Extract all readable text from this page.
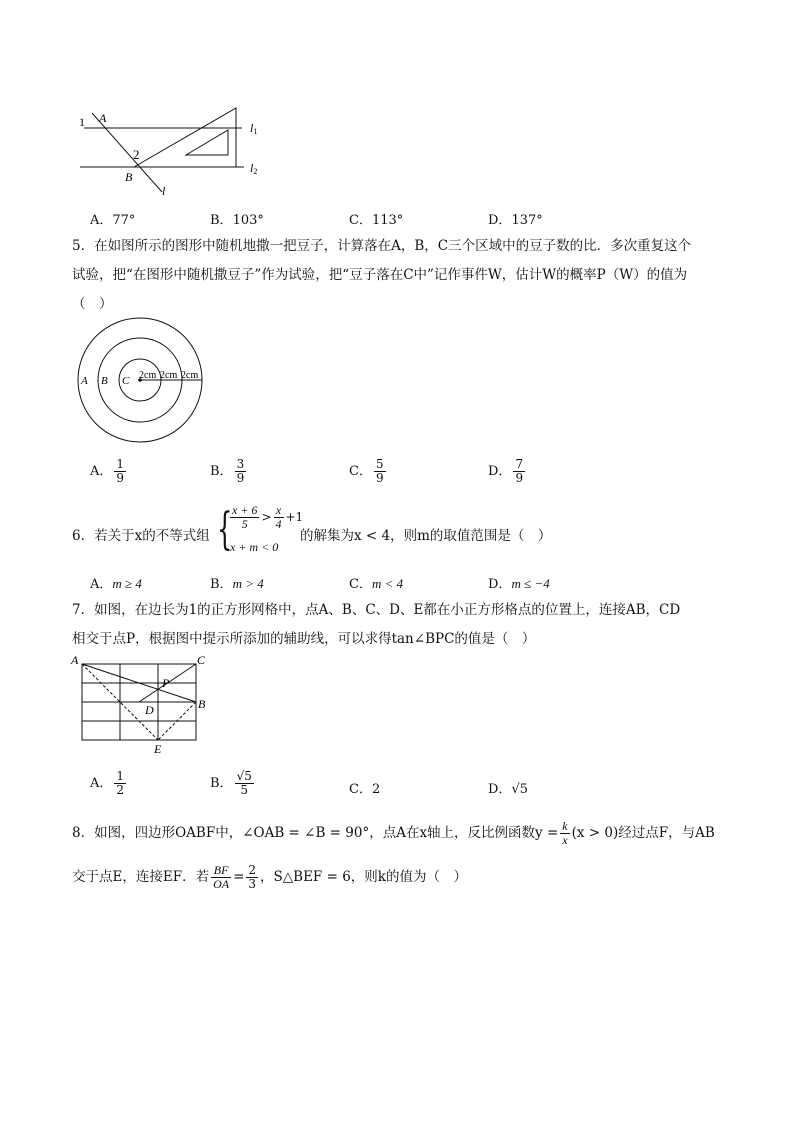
1 A
2
B
l1
l2
l
A．77°	B．103°	C．113°	D．137°
5．在如图所示的图形中随机地撒一把豆子，计算落在A，B，C三个区域中的豆子数的比．多次重复这个
试验，把“在图形中随机撒豆子”作为试验，把“豆子落在C中”记作事件W，估计W的概率P（W）的值为
（　）
A B C 2cm 2cm 2cm
A． $\frac{1}{9}$	B． $\frac{3}{9}$	C． $\frac{5}{9}$	D． $\frac{7}{9}$
6．若关于x的不等式组 {
$\frac{x + 6}{5} > \frac{x}{4} +1$
x + m < 0
的解集为x < 4，则m的取值范围是（　）
A．m ≥ 4	B．m > 4	C．m < 4	D．m ≤ −4
7．如图，在边长为1的正方形网格中，点A、B、C、D、E都在小正方形格点的位置上，连接AB，CD
相交于点P，根据图中提示所添加的辅助线，可以求得tan∠BPC的值是（　）
A	C
P
D	B
E
A． $\frac{1}{2}$	B． $\frac{√5}{5}$	C．2	D．√5
8．如图，四边形OABF中，∠OAB = ∠B = 90°，点A在x轴上，反比例函数$y = \frac{k}{x} (x > 0)$经过点F，与AB
交于点E，连接EF．若 $\frac{BF}{OA} = \frac{2}{3}$ ，S△BEF = 6，则k的值为（　）
